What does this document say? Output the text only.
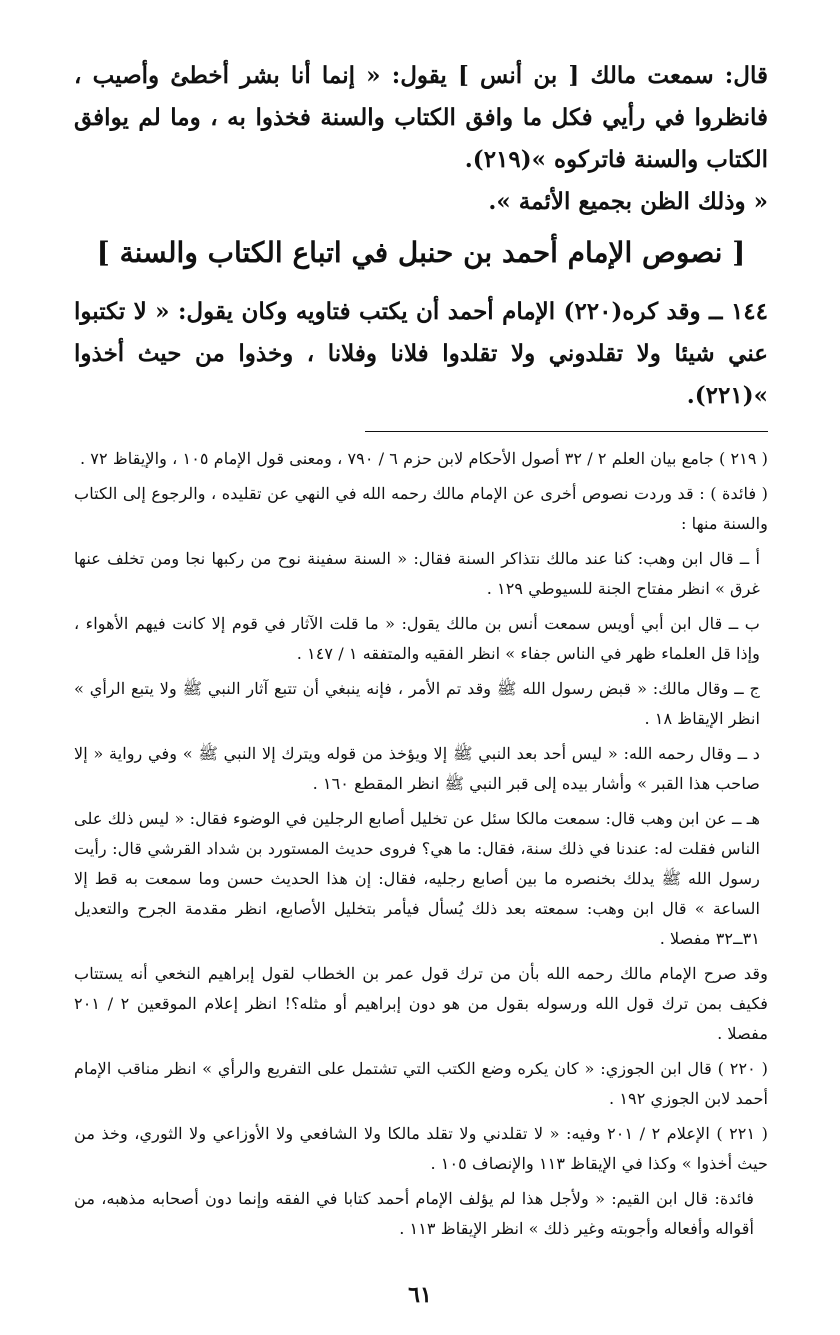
قال: سمعت مالك [ بن أنس ] يقول: « إنما أنا بشر أخطئ وأصيب ، فانظروا في رأيي فكل ما وافق الكتاب والسنة فخذوا به ، وما لم يوافق الكتاب والسنة فاتركوه »(٢١٩).

« وذلك الظن بجميع الأئمة ».

[ نصوص الإمام أحمد بن حنبل في اتباع الكتاب والسنة ]

١٤٤ ــ وقد كره(٢٢٠) الإمام أحمد أن يكتب فتاويه وكان يقول: « لا تكتبوا عني شيئا ولا تقلدوني ولا تقلدوا فلانا وفلانا ، وخذوا من حيث أخذوا »(٢٢١).

( ٢١٩ ) جامع بيان العلم ٢ / ٣٢ أصول الأحكام لابن حزم ٦ / ٧٩٠ ، ومعنى قول الإمام ١٠٥ ، والإيقاظ ٧٢ .

( فائدة ) : قد وردت نصوص أخرى عن الإمام مالك رحمه الله في النهي عن تقليده ، والرجوع إلى الكتاب والسنة منها :

أ ــ قال ابن وهب: كنا عند مالك نتذاكر السنة فقال: « السنة سفينة نوح من ركبها نجا ومن تخلف عنها غرق » انظر مفتاح الجنة للسيوطي ١٢٩ .

ب ــ قال ابن أبي أويس سمعت أنس بن مالك يقول: « ما قلت الآثار في قوم إلا كانت فيهم الأهواء ، وإذا قل العلماء ظهر في الناس جفاء » انظر الفقيه والمتفقه ١ / ١٤٧ .

ج ــ وقال مالك: « قبض رسول الله ﷺ وقد تم الأمر ، فإنه ينبغي أن تتبع آثار النبي ﷺ ولا يتبع الرأي » انظر الإيقاظ ١٨ .

د ــ وقال رحمه الله: « ليس أحد بعد النبي ﷺ إلا ويؤخذ من قوله ويترك إلا النبي ﷺ » وفي رواية « إلا صاحب هذا القبر » وأشار بيده إلى قبر النبي ﷺ انظر المقطع ١٦٠ .

هـ ــ عن ابن وهب قال: سمعت مالكا سئل عن تخليل أصابع الرجلين في الوضوء فقال: « ليس ذلك على الناس فقلت له: عندنا في ذلك سنة، فقال: ما هي؟ فروى حديث المستورد بن شداد القرشي قال: رأيت رسول الله ﷺ يدلك بخنصره ما بين أصابع رجليه، فقال: إن هذا الحديث حسن وما سمعت به قط إلا الساعة » قال ابن وهب: سمعته بعد ذلك يُسأل فيأمر بتخليل الأصابع، انظر مقدمة الجرح والتعديل ٣١ــ٣٢ مفصلا .

وقد صرح الإمام مالك رحمه الله بأن من ترك قول عمر بن الخطاب لقول إبراهيم النخعي أنه يستتاب فكيف بمن ترك قول الله ورسوله بقول من هو دون إبراهيم أو مثله؟! انظر إعلام الموقعين ٢ / ٢٠١ مفصلا .

( ٢٢٠ ) قال ابن الجوزي: « كان يكره وضع الكتب التي تشتمل على التفريع والرأي » انظر مناقب الإمام أحمد لابن الجوزي ١٩٢ .

( ٢٢١ ) الإعلام ٢ / ٢٠١ وفيه: « لا تقلدني ولا تقلد مالكا ولا الشافعي ولا الأوزاعي ولا الثوري، وخذ من حيث أخذوا » وكذا في الإيقاظ ١١٣ والإنصاف ١٠٥ .

فائدة: قال ابن القيم: « ولأجل هذا لم يؤلف الإمام أحمد كتابا في الفقه وإنما دون أصحابه مذهبه، من أقواله وأفعاله وأجوبته وغير ذلك » انظر الإيقاظ ١١٣ .

٦١
